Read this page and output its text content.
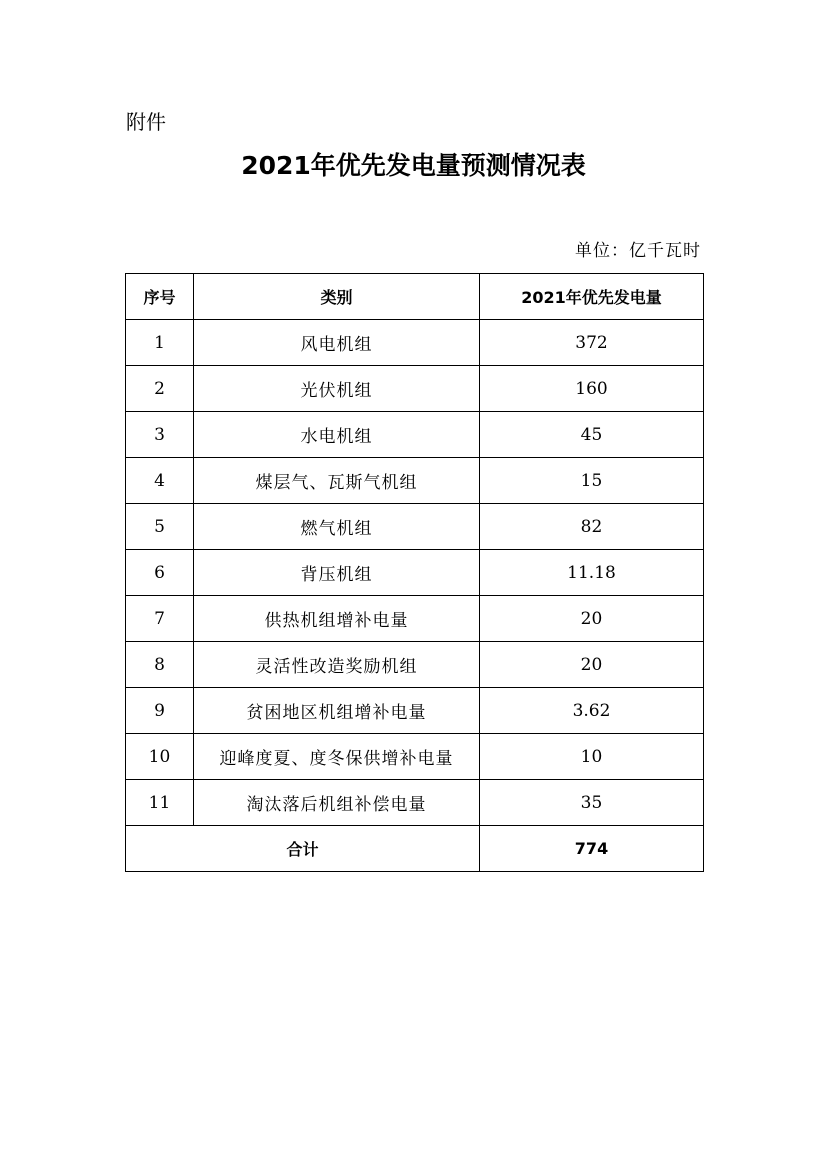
附件
2021年优先发电量预测情况表
单位：亿千瓦时
序号	类别	2021年优先发电量
1	风电机组	372
2	光伏机组	160
3	水电机组	45
4	煤层气、瓦斯气机组	15
5	燃气机组	82
6	背压机组	11.18
7	供热机组增补电量	20
8	灵活性改造奖励机组	20
9	贫困地区机组增补电量	3.62
10	迎峰度夏、度冬保供增补电量	10
11	淘汰落后机组补偿电量	35
合计		774
